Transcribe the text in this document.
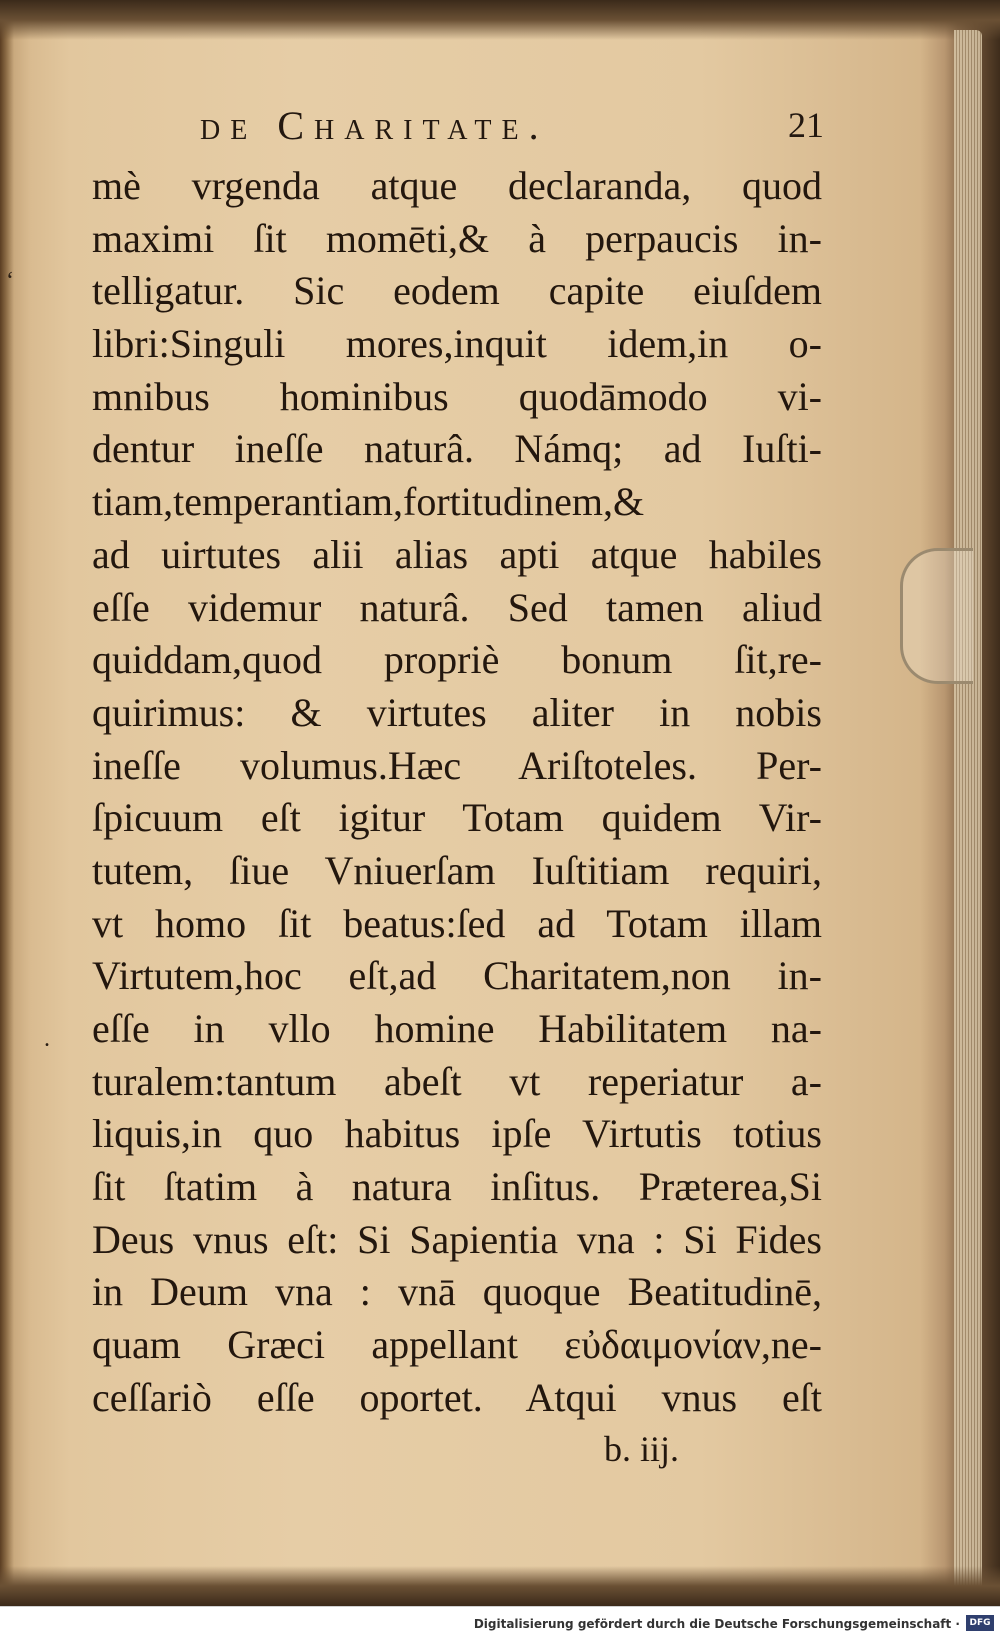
ʻ
.
de Charitate.	21
mè vrgenda atque declaranda, quod
maximi ſit momēti,& à perpaucis in-
telligatur. Sic eodem capite eiuſdem
libri:Singuli mores,inquit idem,in o-
mnibus hominibus quodāmodo vi-
dentur ineſſe naturâ. Námq; ad Iuſti-
tiam,temperantiam,fortitudinem,&
ad uirtutes alii alias apti atque habiles
eſſe videmur naturâ. Sed tamen aliud
quiddam,quod propriè bonum ſit,re-
quirimus: & virtutes aliter in nobis
ineſſe volumus.Hæc Ariſtoteles. Per-
ſpicuum eſt igitur Totam quidem Vir-
tutem, ſiue Vniuerſam Iuſtitiam requiri,
vt homo ſit beatus:ſed ad Totam illam
Virtutem,hoc eſt,ad Charitatem,non in-
eſſe in vllo homine Habilitatem na-
turalem:tantum abeſt vt reperiatur a-
liquis,in quo habitus ipſe Virtutis totius
ſit ſtatim à natura inſitus. Præterea,Si
Deus vnus eſt: Si Sapientia vna : Si Fides
in Deum vna : vnā quoque Beatitudinē,
quam Græci appellant εὐδαιμονίαν,ne-
ceſſariò eſſe oportet. Atqui vnus eſt
b. iij.
Digitalisierung gefördert durch die Deutsche Forschungsgemeinschaft ·	DFG
